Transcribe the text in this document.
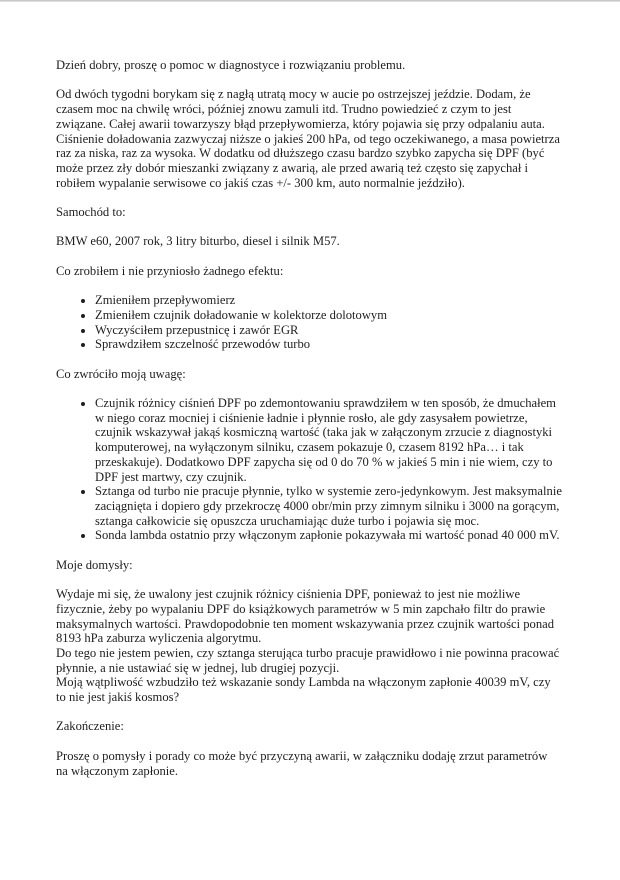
Dzień dobry, proszę o pomoc w diagnostyce i rozwiązaniu problemu.

Od dwóch tygodni borykam się z nagłą utratą mocy w aucie po ostrzejszej jeździe. Dodam, że czasem moc na chwilę wróci, później znowu zamuli itd. Trudno powiedzieć z czym to jest związane. Całej awarii towarzyszy błąd przepływomierza, który pojawia się przy odpalaniu auta. Ciśnienie doładowania zazwyczaj niższe o jakieś 200 hPa, od tego oczekiwanego, a masa powietrza raz za niska, raz za wysoka. W dodatku od dłuższego czasu bardzo szybko zapycha się DPF (być może przez zły dobór mieszanki związany z awarią, ale przed awarią też często się zapychał i robiłem wypalanie serwisowe co jakiś czas +/- 300 km, auto normalnie jeździło).

Samochód to:

BMW e60, 2007 rok, 3 litry biturbo, diesel i silnik M57.

Co zrobiłem i nie przyniosło żadnego efektu:

• Zmieniłem przepływomierz
• Zmieniłem czujnik doładowanie w kolektorze dolotowym
• Wyczyściłem przepustnicę i zawór EGR
• Sprawdziłem szczelność przewodów turbo

Co zwróciło moją uwagę:

• Czujnik różnicy ciśnień DPF po zdemontowaniu sprawdziłem w ten sposób, że dmuchałem w niego coraz mocniej i ciśnienie ładnie i płynnie rosło, ale gdy zasysałem powietrze, czujnik wskazywał jakąś kosmiczną wartość (taka jak w załączonym zrzucie z diagnostyki komputerowej, na wyłączonym silniku, czasem pokazuje 0, czasem 8192 hPa… i tak przeskakuje). Dodatkowo DPF zapycha się od 0 do 70 % w jakieś 5 min i nie wiem, czy to DPF jest martwy, czy czujnik.
• Sztanga od turbo nie pracuje płynnie, tylko w systemie zero-jedynkowym. Jest maksymalnie zaciągnięta i dopiero gdy przekroczę 4000 obr/min przy zimnym silniku i 3000 na gorącym, sztanga całkowicie się opuszcza uruchamiając duże turbo i pojawia się moc.
• Sonda lambda ostatnio przy włączonym zapłonie pokazywała mi wartość ponad 40 000 mV.

Moje domysły:

Wydaje mi się, że uwalony jest czujnik różnicy ciśnienia DPF, ponieważ to jest nie możliwe fizycznie, żeby po wypalaniu DPF do książkowych parametrów w 5 min zapchało filtr do prawie maksymalnych wartości. Prawdopodobnie ten moment wskazywania przez czujnik wartości ponad 8193 hPa zaburza wyliczenia algorytmu.

Do tego nie jestem pewien, czy sztanga sterująca turbo pracuje prawidłowo i nie powinna pracować płynnie, a nie ustawiać się w jednej, lub drugiej pozycji.

Moją wątpliwość wzbudziło też wskazanie sondy Lambda na włączonym zapłonie 40039 mV, czy to nie jest jakiś kosmos?

Zakończenie:

Proszę o pomysły i porady co może być przyczyną awarii, w załączniku dodaję zrzut parametrów na włączonym zapłonie.
